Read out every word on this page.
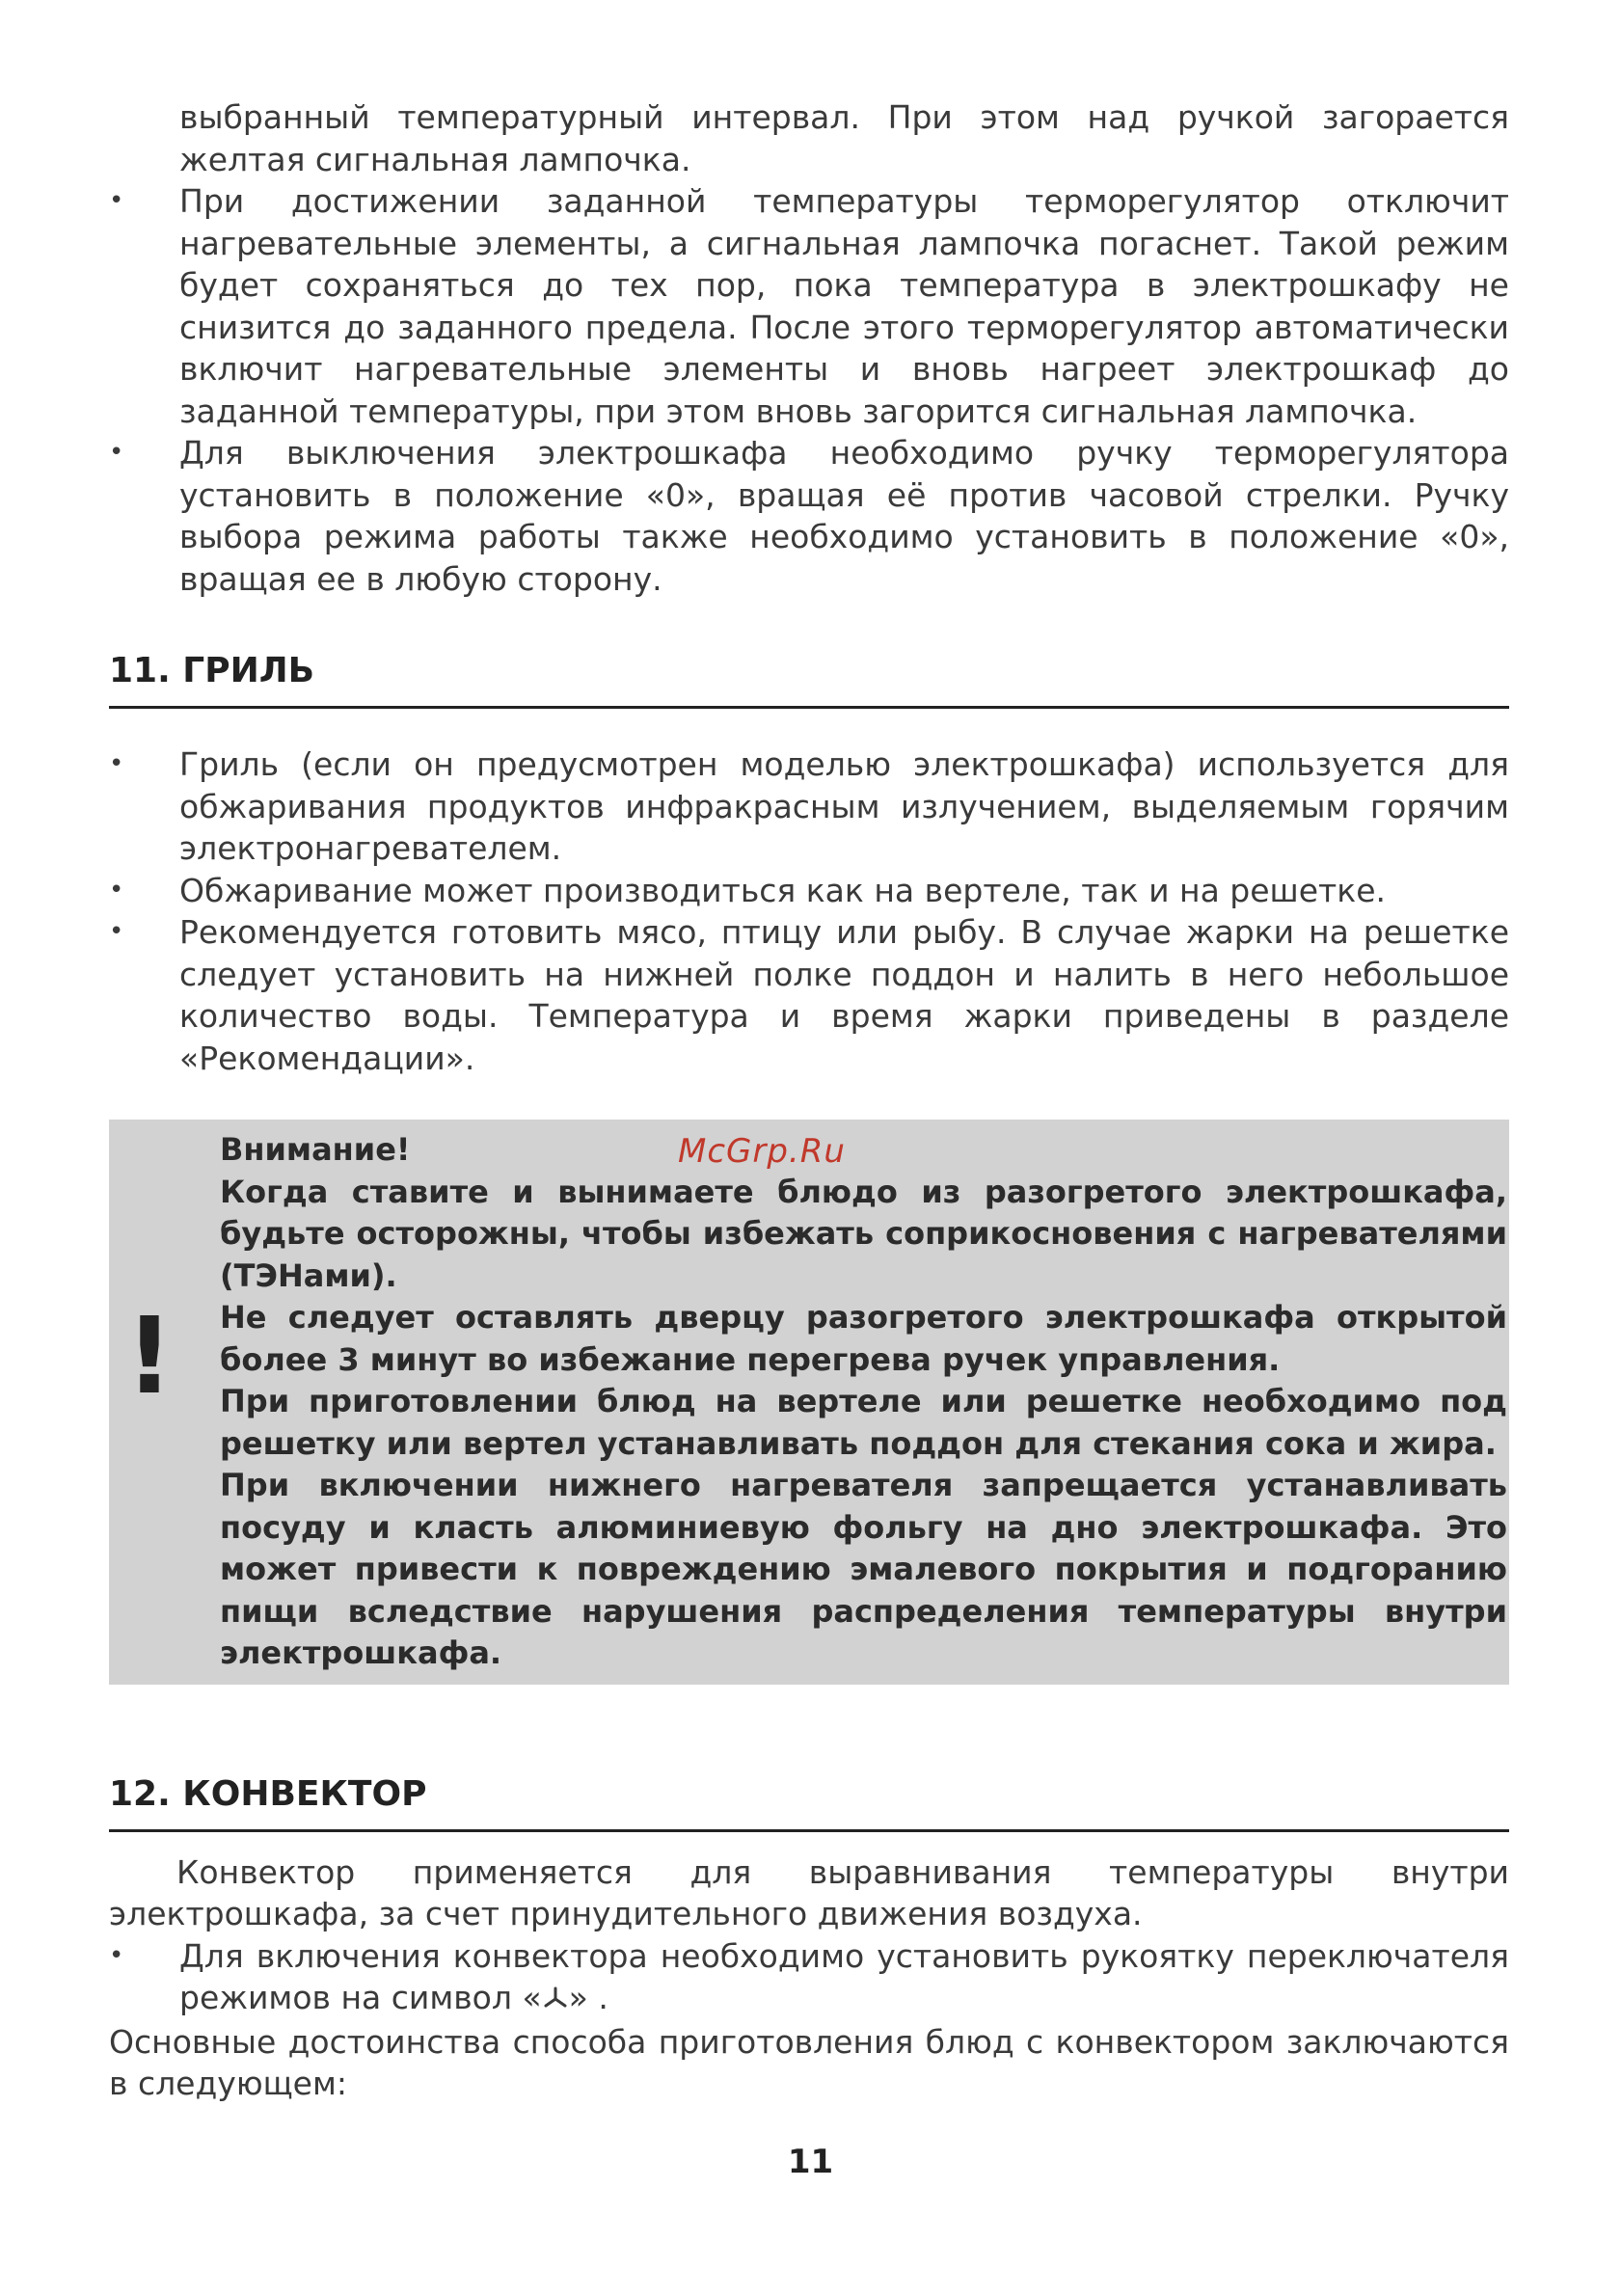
выбранный температурный интервал. При этом над ручкой загорается желтая сигнальная лампочка.

• При достижении заданной температуры терморегулятор отключит нагревательные элементы, а сигнальная лампочка погаснет. Такой режим будет сохраняться до тех пор, пока температура в электрошкафу не снизится до заданного предела. После этого терморегулятор автоматически включит нагревательные элементы и вновь нагреет электрошкаф до заданной температуры, при этом вновь загорится сигнальная лампочка.
• Для выключения электрошкафа необходимо ручку терморегулятора установить в положение «0», вращая её против часовой стрелки. Ручку выбора режима работы также необходимо установить в положение «0», вращая ее в любую сторону.
11. ГРИЛЬ
• Гриль (если он предусмотрен моделью электрошкафа) используется для обжаривания продуктов инфракрасным излучением, выделяемым горячим электронагревателем.
• Обжаривание может производиться как на вертеле, так и на решетке.
• Рекомендуется готовить мясо, птицу или рыбу. В случае жарки на решетке следует установить на нижней полке поддон и налить в него небольшое количество воды. Температура и время жарки приведены в разделе «Рекомендации».
!
McGrp.Ru

Внимание!

Когда ставите и вынимаете блюдо из разогретого электрошкафа, будьте осторожны, чтобы избежать соприкосновения с нагревателями (ТЭНами).

Не следует оставлять дверцу разогретого электрошкафа открытой более 3 минут во избежание перегрева ручек управления.

При приготовлении блюд на вертеле или решетке необходимо под решетку или вертел устанавливать поддон для стекания сока и жира.

При включении нижнего нагревателя запрещается устанавливать посуду и класть алюминиевую фольгу на дно электрошкафа. Это может привести к повреждению эмалевого покрытия и подгоранию пищи вследствие нарушения распределения температуры внутри электрошкафа.

12. КОНВЕКТОР

Конвектор применяется для выравнивания температуры внутри электрошкафа, за счет принудительного движения воздуха.

• Для включения конвектора необходимо установить рукоятку переключателя режимов на символ « » .

Основные достоинства способа приготовления блюд с конвектором заключаются в следующем:

11
